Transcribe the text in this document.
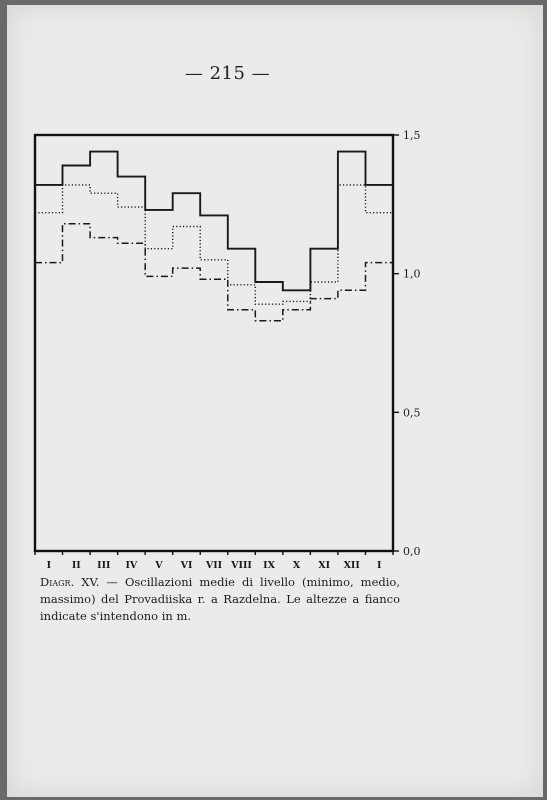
— 215 —
0,0
0,5
1,0
1,5
I II III IV V VI VII VIII IX X XI XII I
Diagr. XV. — Oscillazioni medie di livello (minimo, medio, massimo) del Provadiiska r. a Razdelna. Le altezze a fianco indicate s'intendono in m.
